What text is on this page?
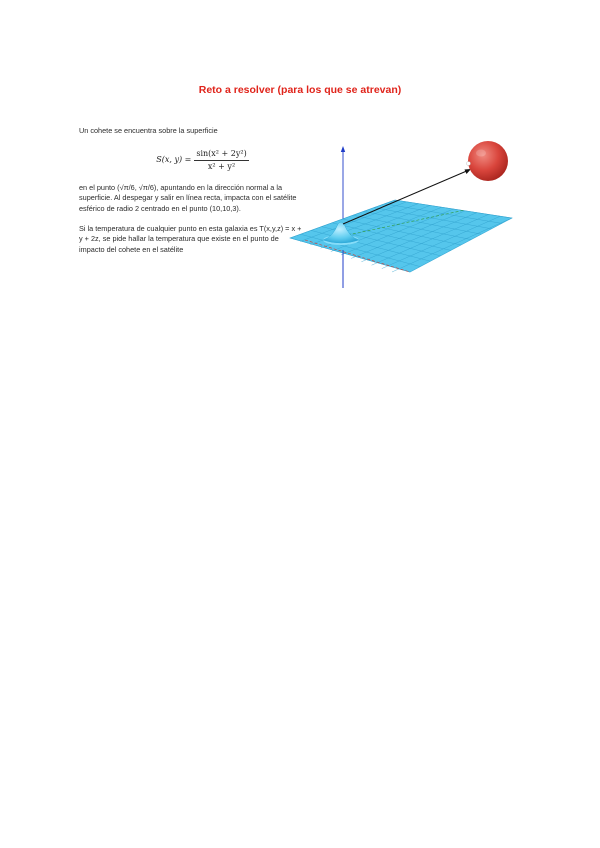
Reto a resolver (para los que se atrevan)

Un cohete se encuentra sobre la superficie

S(x, $y) = \frac{\text{sin(x² + 2y²)}}{\text{x² + y²}}$

en el punto (√π/6, √π/6), apuntando en la dirección normal a la superficie. Al despegar y salir en línea recta, impacta con el satélite esférico de radio 2 centrado en el punto (10,10,3).

Si la temperatura de cualquier punto en esta galaxia es T(x,y,z) = x + y + 2z, se pide hallar la temperatura que existe en el punto de impacto del cohete en el satélite
